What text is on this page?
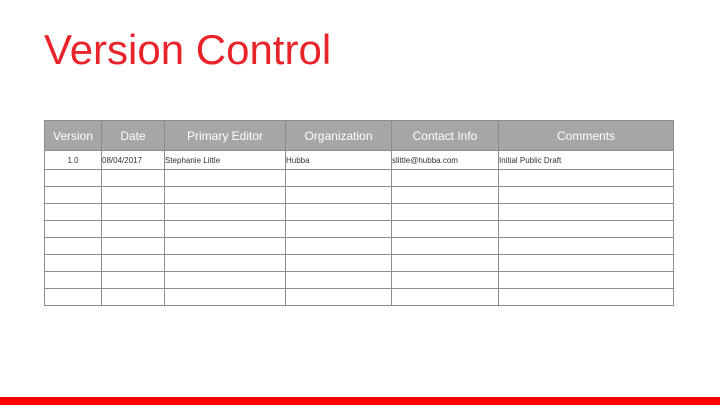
Version Control
Version	Date	Primary Editor	Organization	Contact Info	Comments
1.0	08/04/2017	Stephanie Little	Hubba	slittle@hubba.com	Initial Public Draft
